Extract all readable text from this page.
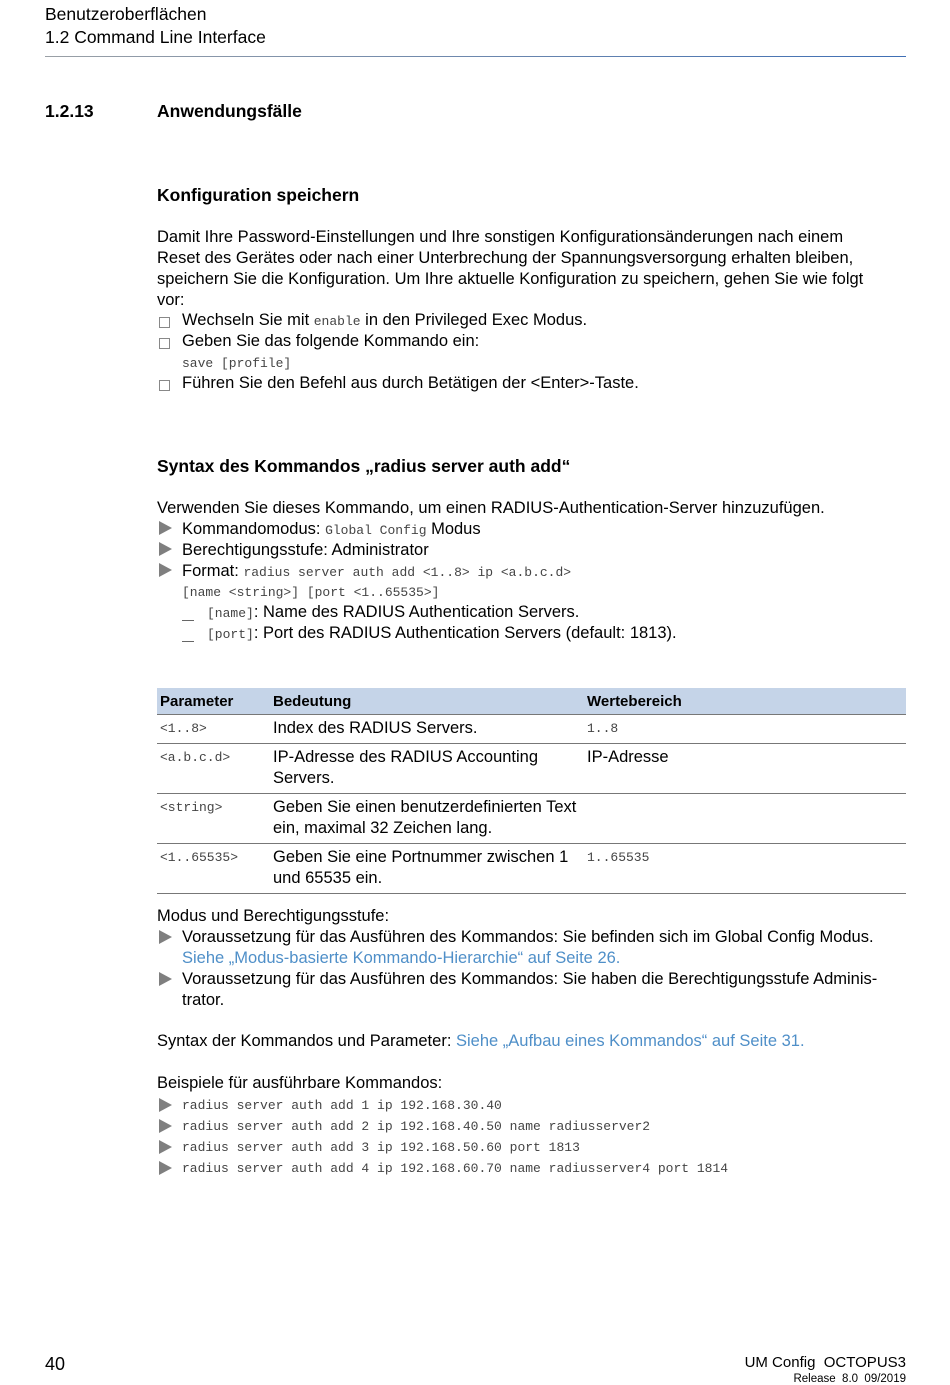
Benutzeroberflächen
1.2 Command Line Interface
1.2.13	Anwendungsfälle
Konfiguration speichern
Damit Ihre Password-Einstellungen und Ihre sonstigen Konfigurationsänderungen nach einem
Reset des Gerätes oder nach einer Unterbrechung der Spannungsversorgung erhalten bleiben,
speichern Sie die Konfiguration. Um Ihre aktuelle Konfiguration zu speichern, gehen Sie wie folgt
vor:
Wechseln Sie mit enable in den Privileged Exec Modus.
Geben Sie das folgende Kommando ein:
save [profile]
Führen Sie den Befehl aus durch Betätigen der <Enter>-Taste.
Syntax des Kommandos „radius server auth add“
Verwenden Sie dieses Kommando, um einen RADIUS-Authentication-Server hinzuzufügen.
Kommandomodus: Global Config Modus
Berechtigungsstufe: Administrator
Format: radius server auth add <1..8> ip <a.b.c.d>
[name <string>] [port <1..65535>]
[name]: Name des RADIUS Authentication Servers.
[port]: Port des RADIUS Authentication Servers (default: 1813).
Parameter	Bedeutung	Wertebereich
<1..8>	Index des RADIUS Servers.	1..8
<a.b.c.d>	IP-Adresse des RADIUS Accounting Servers.	IP-Adresse
<string>	Geben Sie einen benutzerdefinierten Text ein, maximal 32 Zeichen lang.	
<1..65535>	Geben Sie eine Portnummer zwischen 1 und 65535 ein.	1..65535
Modus und Berechtigungsstufe:
Voraussetzung für das Ausführen des Kommandos: Sie befinden sich im Global Config Modus.
Siehe „Modus-basierte Kommando-Hierarchie“ auf Seite 26.
Voraussetzung für das Ausführen des Kommandos: Sie haben die Berechtigungsstufe Adminis-
trator.
Syntax der Kommandos und Parameter: Siehe „Aufbau eines Kommandos“ auf Seite 31.
Beispiele für ausführbare Kommandos:
radius server auth add 1 ip 192.168.30.40
radius server auth add 2 ip 192.168.40.50 name radiusserver2
radius server auth add 3 ip 192.168.50.60 port 1813
radius server auth add 4 ip 192.168.60.70 name radiusserver4 port 1814
40	UM Config  OCTOPUS3
Release  8.0  09/2019
